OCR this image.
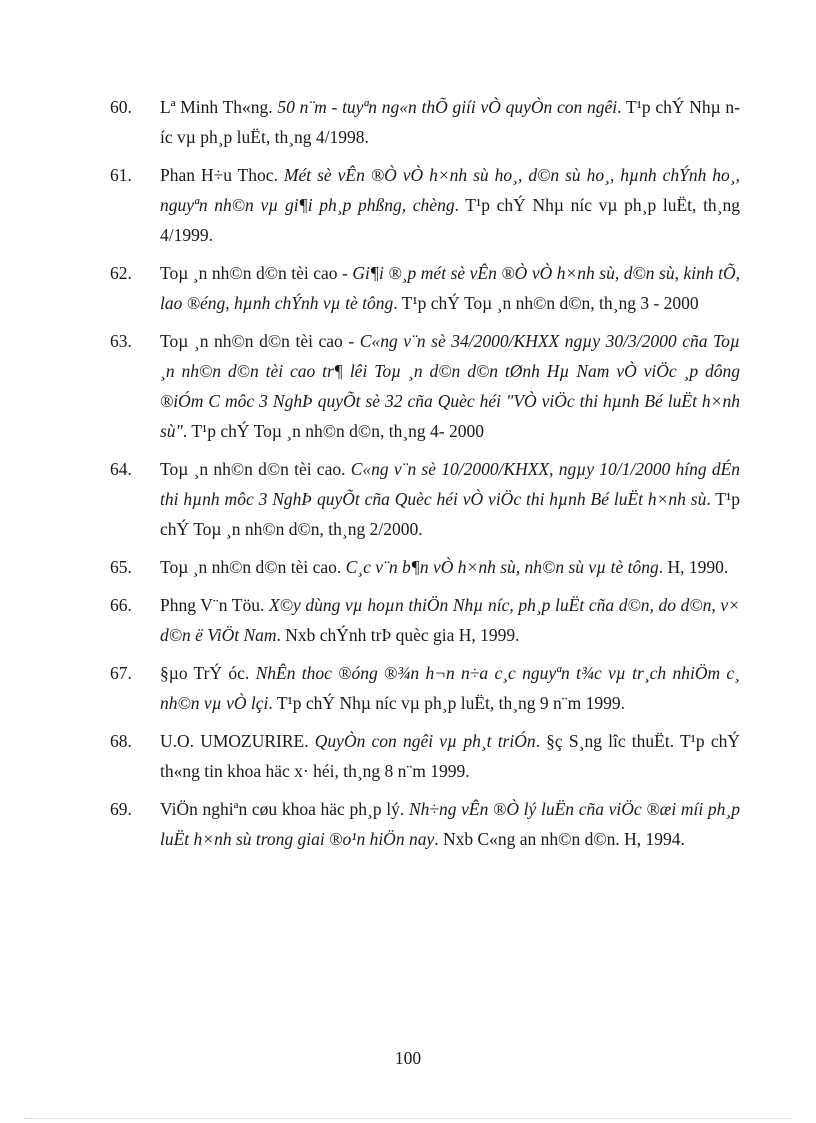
60.	Lª Minh Th«ng. 50 n¨m - tuyªn ng«n thÕ giíi vÒ quyÒn con ngêi. T¹p chÝ Nhµ níc vµ ph¸p luËt, th¸ng 4/1998.
61.	Phan H÷u Thoc. Mét sè vÊn ®Ò vÒ h×nh sù ho¸, d©n sù ho¸, hµnh chÝnh ho¸, nguyªn nh©n vµ gi¶i ph¸p phßng, chèng. T¹p chÝ Nhµ níc vµ ph¸p luËt, th¸ng 4/1999.
62.	Toµ ¸n nh©n d©n tèi cao - Gi¶i ®¸p mét sè vÊn ®Ò vÒ h×nh sù, d©n sù, kinh tÕ, lao ®éng, hµnh chÝnh vµ tè tông. T¹p chÝ Toµ ¸n nh©n d©n, th¸ng 3 - 2000
63.	Toµ ¸n nh©n d©n tèi cao - C«ng v¨n sè 34/2000/KHXX ngµy 30/3/2000 cña Toµ ¸n nh©n d©n tèi cao tr¶ lêi Toµ ¸n d©n d©n tØnh Hµ Nam vÒ viÖc ¸p dông ®iÓm C môc 3 NghÞ quyÕt sè 32 cña Quèc héi "VÒ viÖc thi hµnh Bé luËt h×nh sù". T¹p chÝ Toµ ¸n nh©n d©n, th¸ng 4- 2000
64.	Toµ ¸n nh©n d©n tèi cao. C«ng v¨n sè 10/2000/KHXX, ngµy 10/1/2000 híng dÉn thi hµnh môc 3 NghÞ quyÕt cña Quèc héi vÒ viÖc thi hµnh Bé luËt h×nh sù. T¹p chÝ Toµ ¸n nh©n d©n, th¸ng 2/2000.
65.	Toµ ¸n nh©n d©n tèi cao. C¸c v¨n b¶n vÒ h×nh sù, nh©n sù vµ tè tông. H, 1990.
66.	Phng V¨n Töu. X©y dùng vµ hoµn thiÖn Nhµ níc, ph¸p luËt cña d©n, do d©n, v× d©n ë ViÖt Nam. Nxb chÝnh trÞ quèc gia H, 1999.
67.	§µo TrÝ óc. NhÊn thoc ®óng ®¾n h¬n n÷a c¸c nguyªn t¾c vµ tr¸ch nhiÖm c¸ nh©n vµ vÒ lçi. T¹p chÝ Nhµ níc vµ ph¸p luËt, th¸ng 9 n¨m 1999.
68.	U.O. UMOZURIRE. QuyÒn con ngêi vµ ph¸t triÓn. §ç S¸ng lîc thuËt. T¹p chÝ th«ng tin khoa häc x· héi, th¸ng 8 n¨m 1999.
69.	ViÖn nghiªn cøu khoa häc ph¸p lý. Nh÷ng vÊn ®Ò lý luËn cña viÖc ®æi míi ph¸p luËt h×nh sù trong giai ®o¹n hiÖn nay. Nxb C«ng an nh©n d©n. H, 1994.
100
